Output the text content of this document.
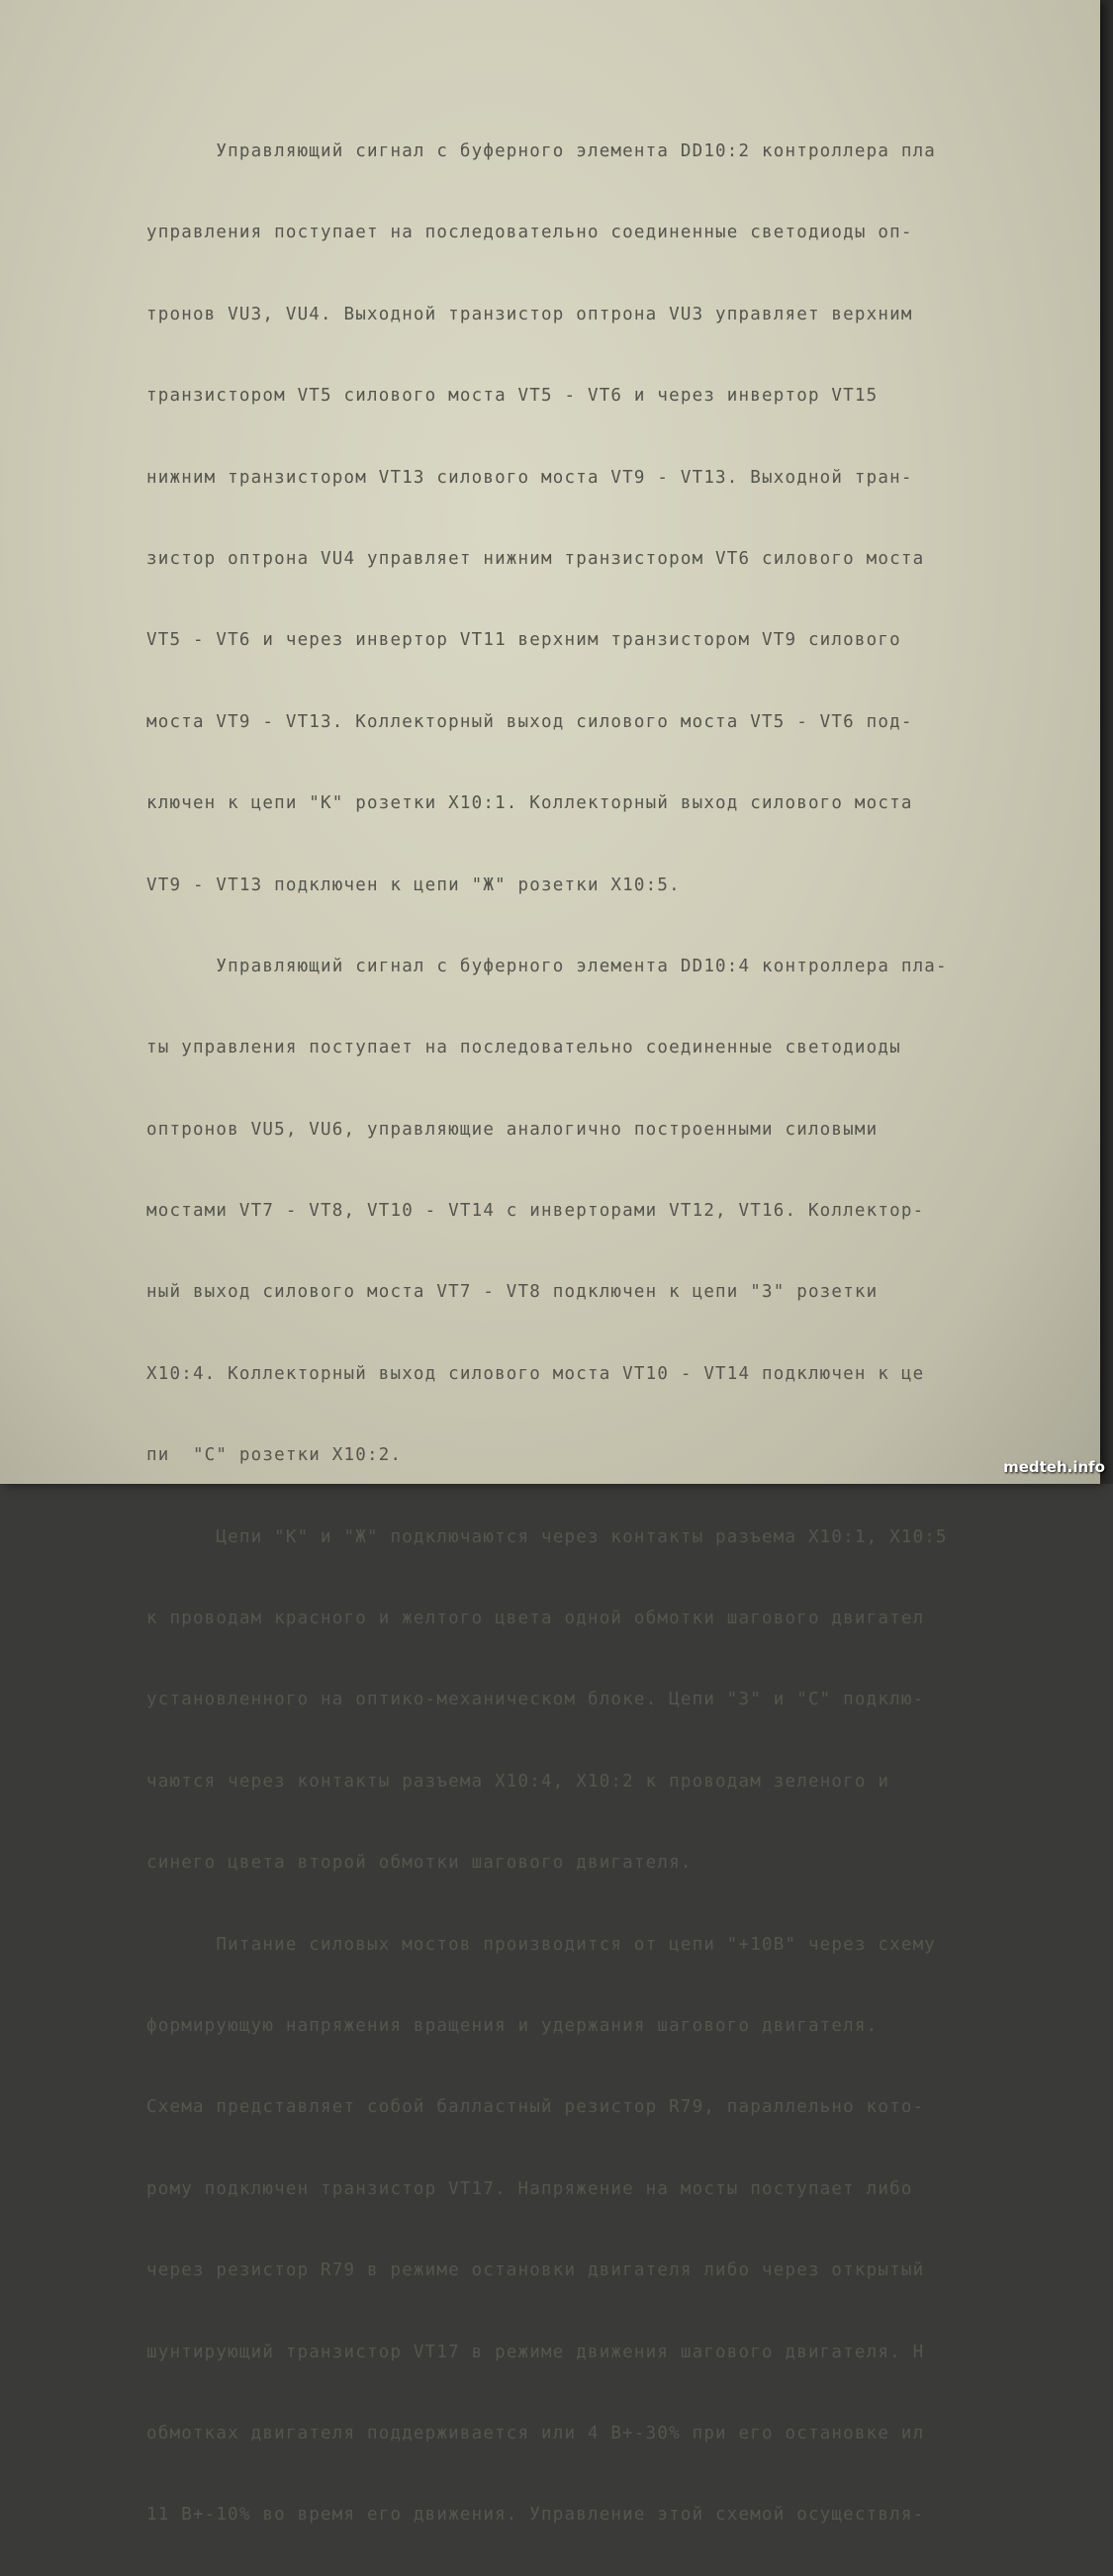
Управляющий сигнал с буферного элемента DD10:2 контроллера пла

управления поступает на последовательно соединенные светодиоды оп-

тронов VU3, VU4. Выходной транзистор оптрона VU3 управляет верхним

транзистором VT5 силового моста VT5 - VT6 и через инвертор VT15

нижним транзистором VT13 силового моста VT9 - VT13. Выходной тран-

зистор оптрона VU4 управляет нижним транзистором VT6 силового моста

VT5 - VT6 и через инвертор VT11 верхним транзистором VT9 силового

моста VT9 - VT13. Коллекторный выход силового моста VT5 - VT6 под-

ключен к цепи "К" розетки X10:1. Коллекторный выход силового моста

VT9 - VT13 подключен к цепи "Ж" розетки X10:5.

Управляющий сигнал с буферного элемента DD10:4 контроллера пла-

ты управления поступает на последовательно соединенные светодиоды

оптронов VU5, VU6, управляющие аналогично построенными силовыми

мостами VT7 - VT8, VT10 - VT14 с инверторами VT12, VT16. Коллектор-

ный выход силового моста VT7 - VT8 подключен к цепи "З" розетки

X10:4. Коллекторный выход силового моста VT10 - VT14 подключен к це

пи  "С" розетки X10:2.

Цепи "К" и "Ж" подключаются через контакты разъема X10:1, X10:5

к проводам красного и желтого цвета одной обмотки шагового двигател

установленного на оптико-механическом блоке. Цепи "З" и "С" подклю-

чаются через контакты разъема X10:4, X10:2 к проводам зеленого и

синего цвета второй обмотки шагового двигателя.

Питание силовых мостов производится от цепи "+10В" через схему

формирующую напряжения вращения и удержания шагового двигателя.

Схема представляет собой балластный резистор R79, параллельно кото-

рому подключен транзистор VT17. Напряжение на мосты поступает либо

через резистор R79 в режиме остановки двигателя либо через открытый

шунтирующий транзистор VT17 в режиме движения шагового двигателя. Н

обмотках двигателя поддерживается или 4 В+-30% при его остановке ил

11 В+-10% во время его движения. Управление этой схемой осуществля-

medteh.info
